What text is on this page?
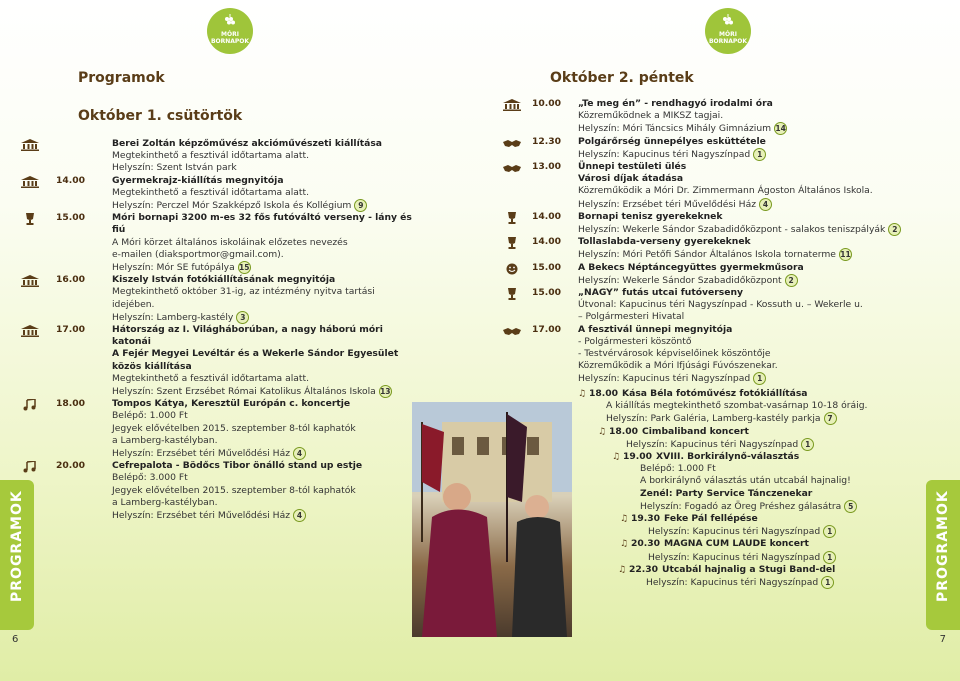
MÓRI
BORNAPOK
Programok
Október 1. csütörtök
Berei Zoltán képzőművész akcióművészeti kiállítása
Megtekinthető a fesztivál időtartama alatt.
Helyszín: Szent István park
14.00	Gyermekrajz-kiállítás megnyitója
Megtekinthető a fesztivál időtartama alatt.
Helyszín: Perczel Mór Szakképző Iskola és Kollégium 9
15.00	Móri bornapi 3200 m-es 32 fős futóváltó verseny - lány és fiú
A Móri körzet általános iskoláinak előzetes nevezés
e-mailen (diaksportmor@gmail.com).
Helyszín: Mór SE futópálya 15
16.00	Kiszely István fotókiállításának megnyitója
Megtekinthető október 31-ig, az intézmény nyitva tartási idejében.
Helyszín: Lamberg-kastély 3
17.00	Hátország az I. Világháborúban, a nagy háború móri katonái
A Fejér Megyei Levéltár és a Wekerle Sándor Egyesület közös kiállítása
Megtekinthető a fesztivál időtartama alatt.
Helyszín: Szent Erzsébet Római Katolikus Általános Iskola 13
18.00	Tompos Kátya, Keresztül Európán c. koncertje
Belépő: 1.000 Ft
Jegyek elővételben 2015. szeptember 8-tól kaphatók
a Lamberg-kastélyban.
Helyszín: Erzsébet téri Művelődési Ház 4
20.00	Cefrepalota - Bödőcs Tibor önálló stand up estje
Belépő: 3.000 Ft
Jegyek elővételben 2015. szeptember 8-tól kaphatók
a Lamberg-kastélyban.
Helyszín: Erzsébet téri Művelődési Ház 4
PROGRAMOK
6
MÓRI
BORNAPOK
Október 2. péntek
10.00 „Te meg én” - rendhagyó irodalmi óra
Közreműködnek a MIKSZ tagjai.
Helyszín: Móri Táncsics Mihály Gimnázium 14
12.30 Polgárőrség ünnepélyes esküttétele
Helyszín: Kapucinus téri Nagyszínpad 1
13.00 Ünnepi testületi ülés
Városi díjak átadása
Közreműködik a Móri Dr. Zimmermann Ágoston Általános Iskola.
Helyszín: Erzsébet téri Művelődési Ház 4
14.00 Bornapi tenisz gyerekeknek
Helyszín: Wekerle Sándor Szabadidőközpont - salakos teniszpályák 2
14.00 Tollaslabda-verseny gyerekeknek
Helyszín: Móri Petőfi Sándor Általános Iskola tornaterme 11
15.00 A Bekecs Néptáncegyüttes gyermekműsora
Helyszín: Wekerle Sándor Szabadidőközpont 2
15.00 „NAGY” futás utcai futóverseny
Útvonal: Kapucinus téri Nagyszínpad - Kossuth u. – Wekerle u.
– Polgármesteri Hivatal
17.00 A fesztivál ünnepi megnyitója
- Polgármesteri köszöntő
- Testvérvárosok képviselőinek köszöntője
Közreműködik a Móri Ifjúsági Fúvószenekar.
Helyszín: Kapucinus téri Nagyszínpad 1
♫ 18.00 Kása Béla fotóművész fotókiállítása
A kiállítás megtekinthető szombat-vasárnap 10-18 óráig.
Helyszín: Park Galéria, Lamberg-kastély parkja 7
♫ 18.00 Cimbaliband koncert
Helyszín: Kapucinus téri Nagyszínpad 1
♫ 19.00 XVIII. Borkirálynő-választás
Belépő: 1.000 Ft
A borkirálynő választás után utcabál hajnalig!
Zenél: Party Service Tánczenekar
Helyszín: Fogadó az Öreg Préshez gálasátra 5
♫ 19.30 Feke Pál fellépése
Helyszín: Kapucinus téri Nagyszínpad 1
♫ 20.30 MAGNA CUM LAUDE koncert
Helyszín: Kapucinus téri Nagyszínpad 1
♫ 22.30 Utcabál hajnalig a Stugi Band-del
Helyszín: Kapucinus téri Nagyszínpad 1	PROGRAMOK
7
